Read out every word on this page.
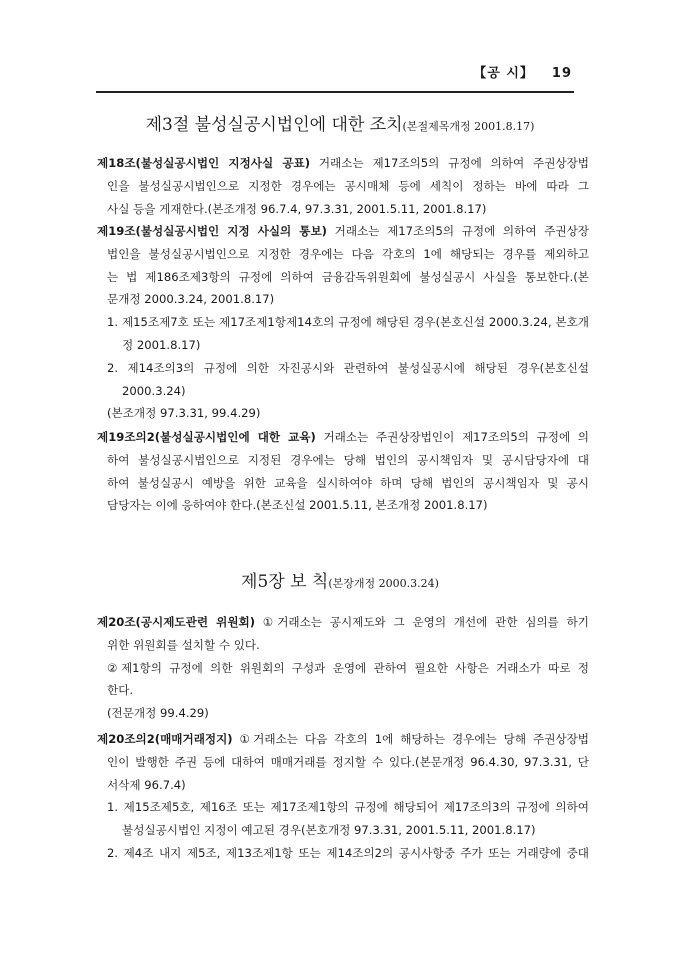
【공 시】 19
제3절 불성실공시법인에 대한 조치(본절제목개정 2001.8.17)
제18조(불성실공시법인 지정사실 공표) 거래소는 제17조의5의 규정에 의하여 주권상장법
인을 불성실공시법인으로 지정한 경우에는 공시매체 등에 세칙이 정하는 바에 따라 그
사실 등을 게재한다.(본조개정 96.7.4, 97.3.31, 2001.5.11, 2001.8.17)
제19조(불성실공시법인 지정 사실의 통보) 거래소는 제17조의5의 규정에 의하여 주권상장
법인을 불성실공시법인으로 지정한 경우에는 다음 각호의 1에 해당되는 경우를 제외하고
는 법 제186조제3항의 규정에 의하여 금융감독위원회에 불성실공시 사실을 통보한다.(본
문개정 2000.3.24, 2001.8.17)
1. 제15조제7호 또는 제17조제1항제14호의 규정에 해당된 경우(본호신설 2000.3.24, 본호개
정 2001.8.17)
2. 제14조의3의 규정에 의한 자진공시와 관련하여 불성실공시에 해당된 경우(본호신설
2000.3.24)
(본조개정 97.3.31, 99.4.29)
제19조의2(불성실공시법인에 대한 교육) 거래소는 주권상장법인이 제17조의5의 규정에 의
하여 불성실공시법인으로 지정된 경우에는 당해 법인의 공시책임자 및 공시담당자에 대
하여 불성실공시 예방을 위한 교육을 실시하여야 하며 당해 법인의 공시책임자 및 공시
담당자는 이에 응하여야 한다.(본조신설 2001.5.11, 본조개정 2001.8.17)
제5장 보 칙(본장개정 2000.3.24)
제20조(공시제도관련 위원회) ①거래소는 공시제도와 그 운영의 개선에 관한 심의를 하기
위한 위원회를 설치할 수 있다.
②제1항의 규정에 의한 위원회의 구성과 운영에 관하여 필요한 사항은 거래소가 따로 정
한다.
(전문개정 99.4.29)
제20조의2(매매거래정지) ①거래소는 다음 각호의 1에 해당하는 경우에는 당해 주권상장법
인이 발행한 주권 등에 대하여 매매거래를 정지할 수 있다.(본문개정 96.4.30, 97.3.31, 단
서삭제 96.7.4)
1. 제15조제5호, 제16조 또는 제17조제1항의 규정에 해당되어 제17조의3의 규정에 의하여
불성실공시법인 지정이 예고된 경우(본호개정 97.3.31, 2001.5.11, 2001.8.17)
2. 제4조 내지 제5조, 제13조제1항 또는 제14조의2의 공시사항중 주가 또는 거래량에 중대
